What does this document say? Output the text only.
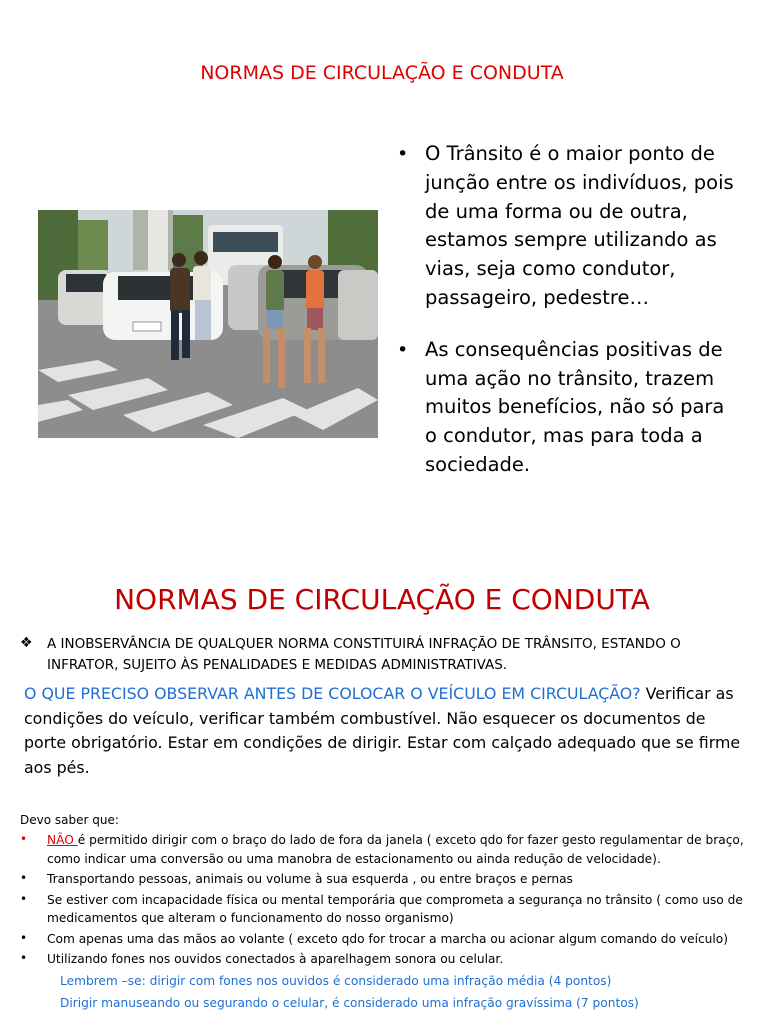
NORMAS DE CIRCULAÇÃO E CONDUTA
• O Trânsito é o maior ponto de junção entre os indivíduos, pois de uma forma ou de outra, estamos sempre utilizando as vias, seja como condutor, passageiro, pedestre…
• As consequências positivas de uma ação no trânsito, trazem muitos benefícios, não só para o condutor, mas para toda a sociedade.
NORMAS DE CIRCULAÇÃO E CONDUTA
❖	A INOBSERVÂNCIA DE QUALQUER NORMA CONSTITUIRÁ INFRAÇÃO DE TRÂNSITO, ESTANDO O INFRATOR, SUJEITO ÀS PENALIDADES E MEDIDAS ADMINISTRATIVAS.
O QUE PRECISO OBSERVAR ANTES DE COLOCAR O VEÍCULO EM CIRCULAÇÃO? Verificar as condições do veículo, verificar também combustível. Não esquecer os documentos de porte obrigatório. Estar em condições de dirigir. Estar com calçado adequado que se firme aos pés.
Devo saber que:
• NÃO é permitido dirigir com o braço do lado de fora da janela ( exceto qdo for fazer gesto regulamentar de braço, como indicar uma conversão ou uma manobra de estacionamento ou ainda redução de velocidade).
• Transportando pessoas, animais ou volume à sua esquerda , ou entre braços e pernas
• Se estiver com incapacidade física ou mental temporária que comprometa a segurança no trânsito ( como uso de medicamentos que alteram o funcionamento do nosso organismo)
• Com apenas uma das mãos ao volante ( exceto qdo for trocar a marcha ou acionar algum comando do veículo)
• Utilizando fones nos ouvidos conectados à aparelhagem sonora ou celular.
Lembrem –se: dirigir com fones nos ouvidos é considerado uma infração média (4 pontos)
Dirigir manuseando ou segurando o celular, é considerado uma infração gravíssima (7 pontos)
